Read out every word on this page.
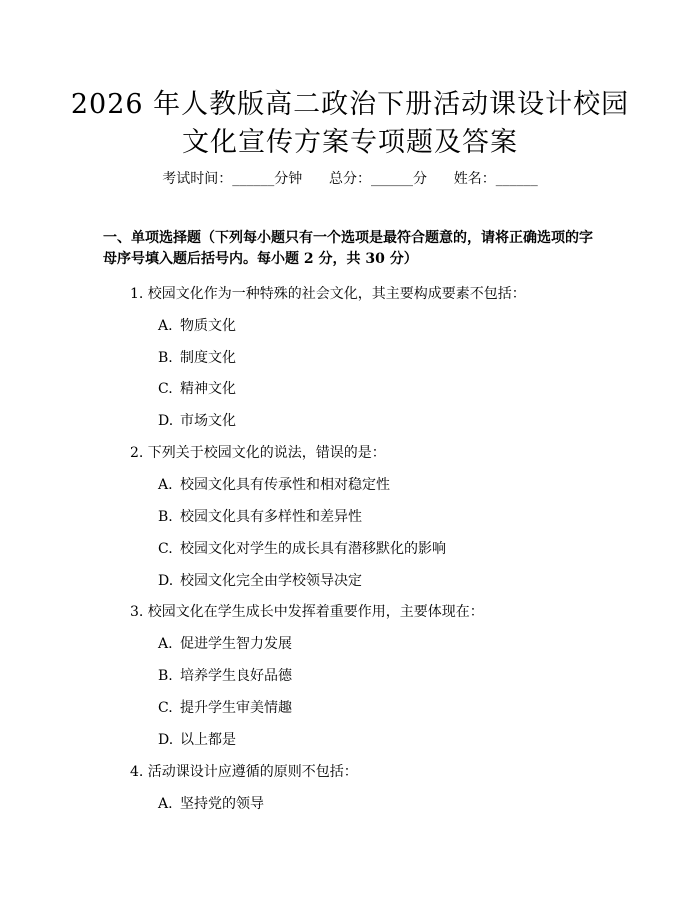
2026 年人教版高二政治下册活动课设计校园
文化宣传方案专项题及答案
考试时间：______分钟      总分：______分      姓名：______
一、单项选择题（下列每小题只有一个选项是最符合题意的，请将正确选项的字母序号填入题后括号内。每小题 2 分，共 30 分）
1. 校园文化作为一种特殊的社会文化，其主要构成要素不包括：
A. 物质文化
B. 制度文化
C. 精神文化
D. 市场文化
2. 下列关于校园文化的说法，错误的是：
A. 校园文化具有传承性和相对稳定性
B. 校园文化具有多样性和差异性
C. 校园文化对学生的成长具有潜移默化的影响
D. 校园文化完全由学校领导决定
3. 校园文化在学生成长中发挥着重要作用，主要体现在：
A. 促进学生智力发展
B. 培养学生良好品德
C. 提升学生审美情趣
D. 以上都是
4. 活动课设计应遵循的原则不包括：
A. 坚持党的领导
